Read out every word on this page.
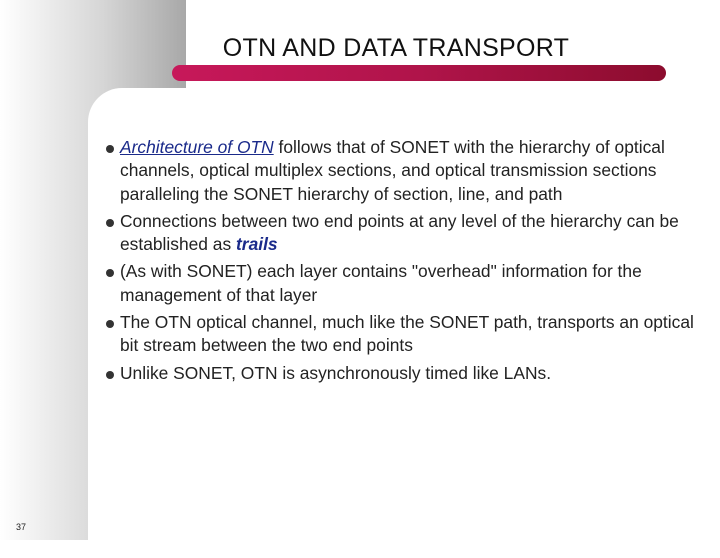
OTN AND DATA TRANSPORT
Architecture of OTN follows that of SONET with the hierarchy of optical channels, optical multiplex sections, and optical transmission sections paralleling the SONET hierarchy of section, line, and path
Connections between two end points at any level of the hierarchy can be established as trails
(As with SONET) each layer contains "overhead" information for the management of that layer
The OTN optical channel, much like the SONET path, transports an optical bit stream between the two end points
Unlike SONET, OTN is asynchronously timed like LANs.
37
